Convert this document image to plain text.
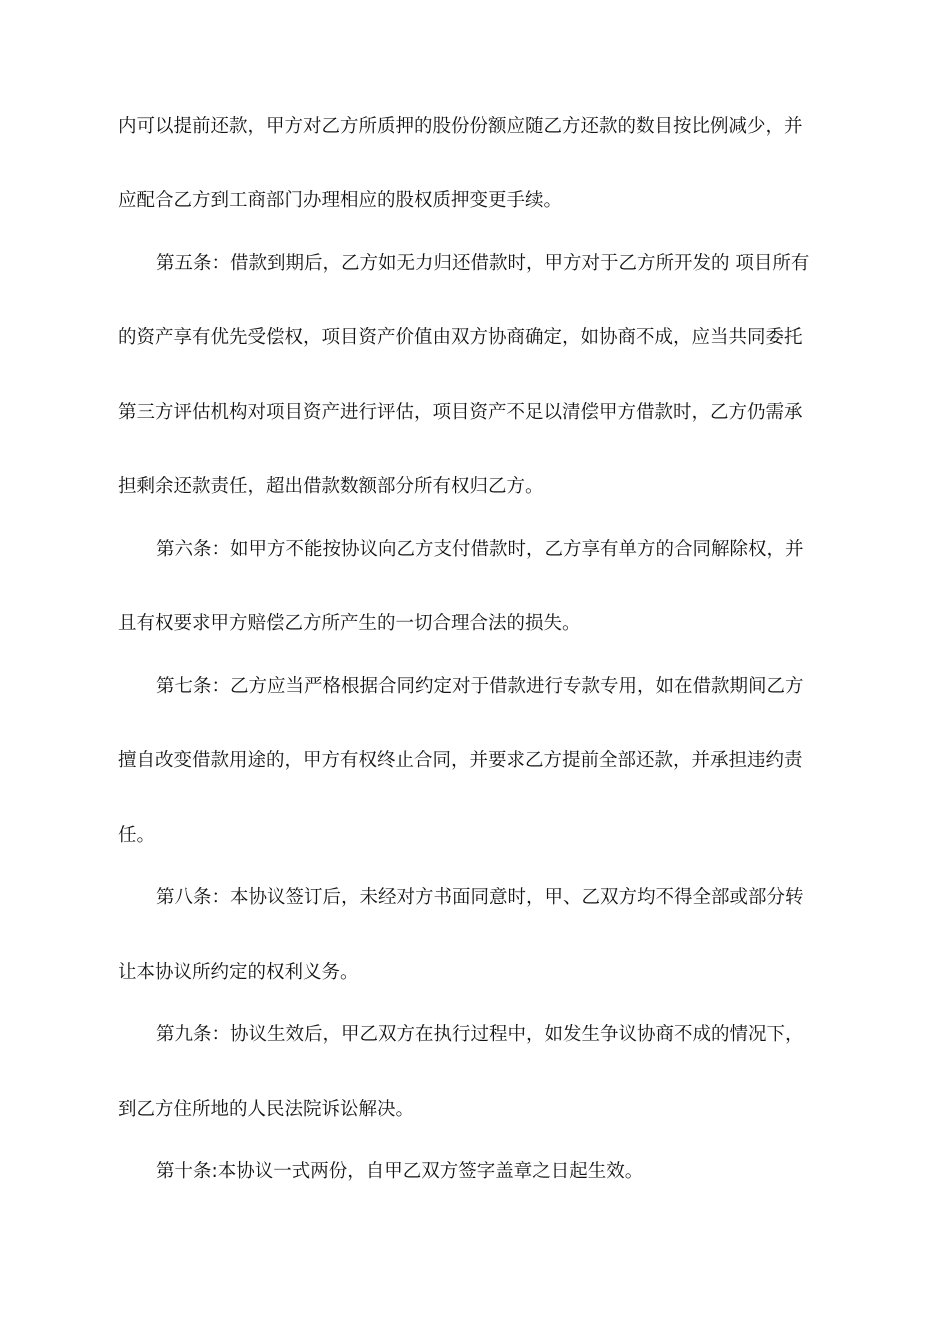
内可以提前还款，甲方对乙方所质押的股份份额应随乙方还款的数目按比例减少，并
应配合乙方到工商部门办理相应的股权质押变更手续。
第五条：借款到期后，乙方如无力归还借款时，甲方对于乙方所开发的 项目所有
的资产享有优先受偿权，项目资产价值由双方协商确定，如协商不成，应当共同委托
第三方评估机构对项目资产进行评估，项目资产不足以清偿甲方借款时，乙方仍需承
担剩余还款责任，超出借款数额部分所有权归乙方。
第六条：如甲方不能按协议向乙方支付借款时，乙方享有单方的合同解除权，并
且有权要求甲方赔偿乙方所产生的一切合理合法的损失。
第七条：乙方应当严格根据合同约定对于借款进行专款专用，如在借款期间乙方
擅自改变借款用途的，甲方有权终止合同，并要求乙方提前全部还款，并承担违约责
任。
第八条：本协议签订后，未经对方书面同意时，甲、乙双方均不得全部或部分转
让本协议所约定的权利义务。
第九条：协议生效后，甲乙双方在执行过程中，如发生争议协商不成的情况下，
到乙方住所地的人民法院诉讼解决。
第十条:本协议一式两份，自甲乙双方签字盖章之日起生效。
